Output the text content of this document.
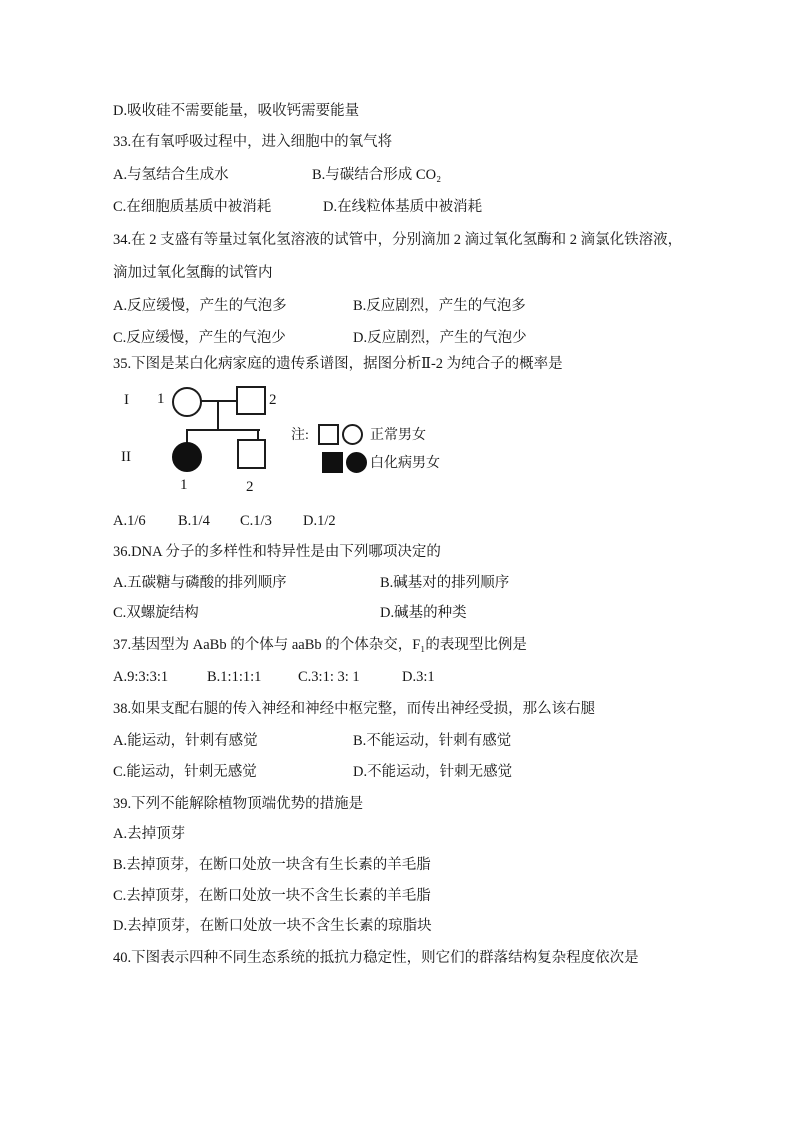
D.吸收硅不需要能量，吸收钙需要能量
33.在有氧呼吸过程中，进入细胞中的氧气将
A.与氢结合生成水	B.与碳结合形成 CO₂
C.在细胞质基质中被消耗	D.在线粒体基质中被消耗
34.在 2 支盛有等量过氧化氢溶液的试管中，分别滴加 2 滴过氧化氢酶和 2 滴氯化铁溶液，
滴加过氧化氢酶的试管内
A.反应缓慢，产生的气泡多	B.反应剧烈，产生的气泡多
C.反应缓慢，产生的气泡少	D.反应剧烈，产生的气泡少
35.下图是某白化病家庭的遗传系谱图，据图分析Ⅱ-2 为纯合子的概率是
I 1	2
II
1	2
注:	正常男女
白化病男女
A.1/6 B.1/4 C.1/3 D.1/2
36.DNA 分子的多样性和特异性是由下列哪项决定的
A.五碳糖与磷酸的排列顺序	B.碱基对的排列顺序
C.双螺旋结构	D.碱基的种类
37.基因型为 AaBb 的个体与 aaBb 的个体杂交，F₁的表现型比例是
A.9:3:3:1	B.1:1:1:1	C.3:1: 3: 1	D.3:1
38.如果支配右腿的传入神经和神经中枢完整，而传出神经受损，那么该右腿
A.能运动，针刺有感觉	B.不能运动，针刺有感觉
C.能运动，针刺无感觉	D.不能运动，针刺无感觉
39.下列不能解除植物顶端优势的措施是
A.去掉顶芽
B.去掉顶芽，在断口处放一块含有生长素的羊毛脂
C.去掉顶芽，在断口处放一块不含生长素的羊毛脂
D.去掉顶芽，在断口处放一块不含生长素的琼脂块
40.下图表示四种不同生态系统的抵抗力稳定性，则它们的群落结构复杂程度依次是
